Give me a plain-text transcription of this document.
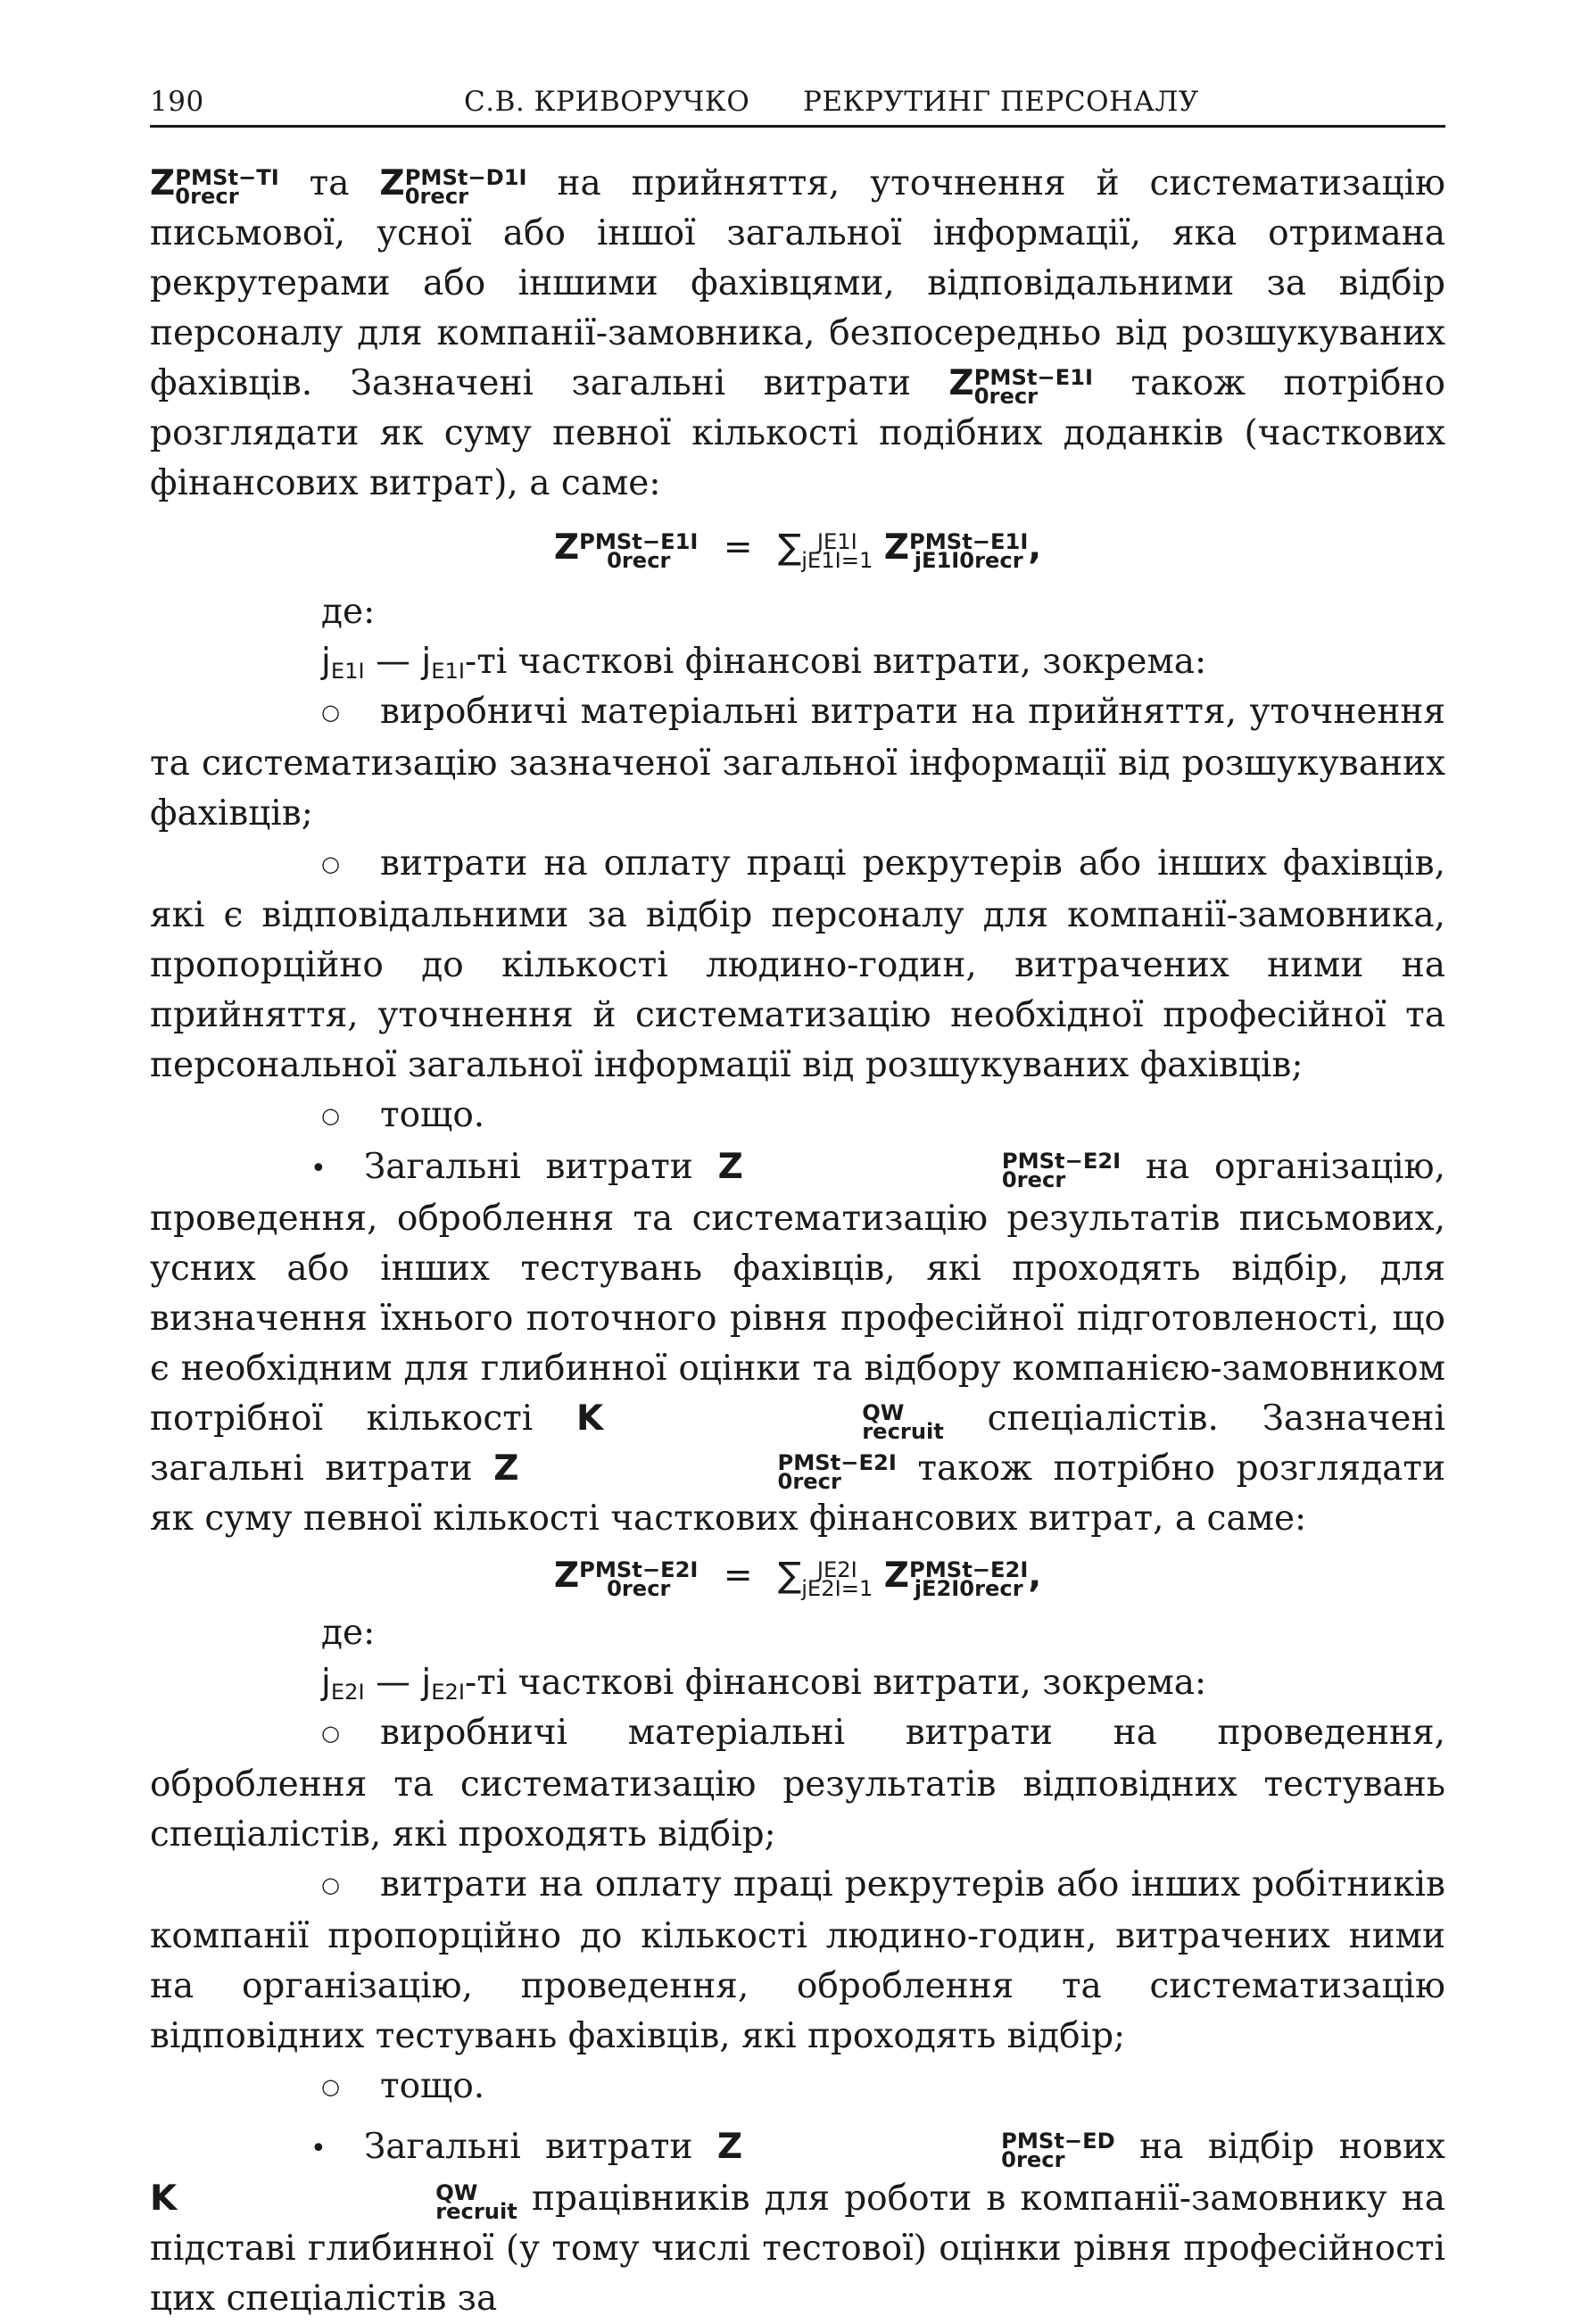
190	С.В. КРИВОРУЧКО РЕКРУТИНГ ПЕРСОНАЛУ

Z PMSt−TI
0recr	та Z PMSt−D1I
0recr	на прийняття, уточнення й систематизацію письмової, усної або іншої загальної інформації, яка отримана рекрутерами або іншими фахівцями, відповідальними за відбір персоналу для компанії-замовника, безпосередньо від розшукуваних фахівців. Зазначені загальні витрати Z PMSt−E1I
0recr	також потрібно розглядати як суму певної кількості подібних доданків (часткових фінансових витрат), а саме:

Z PMSt−E1I
0recr	= ∑ JE1I
jE1I=1 Z PMSt−E1I
jE1I0recr ,
де:
jE1I — jE1I-ті часткові фінансові витрати, зокрема:

○ виробничі матеріальні витрати на прийняття, уточнення та систематизацію зазначеної загальної інформації від розшукуваних фахівців;

○ витрати на оплату праці рекрутерів або інших фахівців, які є відповідальними за відбір персоналу для компанії-замовника, пропорційно до кількості людино-годин, витрачених ними на прийняття, уточнення й систематизацію необхідної професійної та персональної загальної інформації від розшукуваних фахівців;

○ тощо.

• Загальні витрати Z	PMSt−E2I
0recr	на організацію, проведення, оброблення та систематизацію результатів письмових, усних або інших тестувань фахівців, які проходять відбір, для визначення їхнього поточного рівня професійної підготовленості, що є необхідним для глибинної оцінки та відбору компанією-замовником потрібної кількості K	QW
recruit спеціалістів. Зазначені загальні витрати Z	PMSt−E2I
0recr	також потрібно розглядати як суму певної кількості часткових фінансових витрат, а саме:

Z PMSt−E2I
0recr	= ∑ JE2I
jE2I=1 Z PMSt−E2I
jE2I0recr ,
де:
jE2I — jE2I-ті часткові фінансові витрати, зокрема:

○ виробничі матеріальні витрати на проведення, оброблення та систематизацію результатів відповідних тестувань спеціалістів, які проходять відбір;

○ витрати на оплату праці рекрутерів або інших робітників компанії пропорційно до кількості людино-годин, витрачених ними на організацію, проведення, оброблення та систематизацію відповідних тестувань фахівців, які проходять відбір;

○ тощо.

• Загальні витрати Z	PMSt−ED
0recr	на відбір нових K	QW
recruit працівників для роботи в компанії-замовнику на підставі глибинної (у тому числі тестової) оцінки рівня професійності цих спеціалістів за
